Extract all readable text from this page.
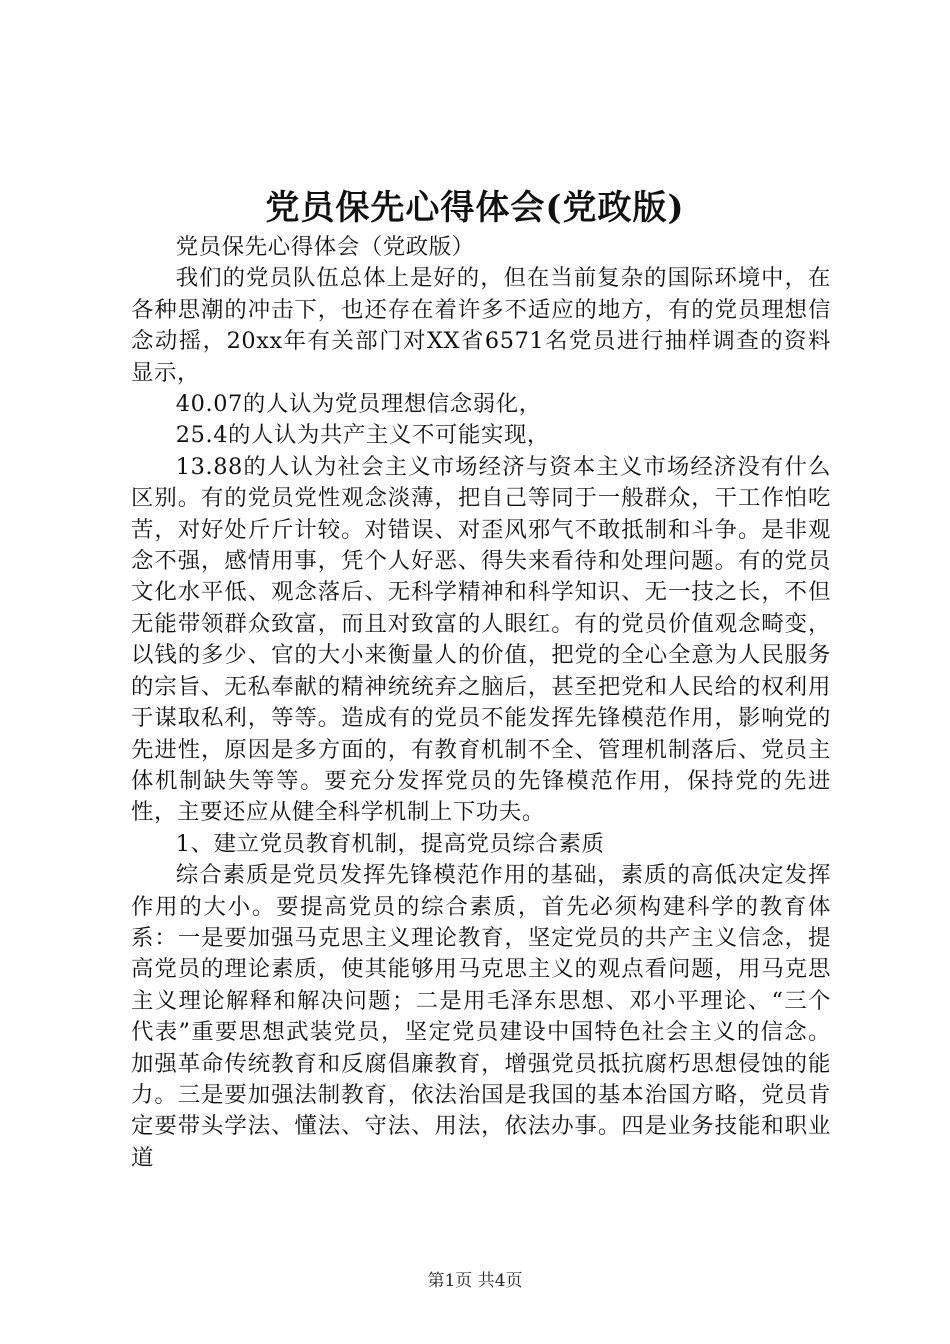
党员保先心得体会(党政版)

党员保先心得体会（党政版）

我们的党员队伍总体上是好的，但在当前复杂的国际环境中，在各种思潮的冲击下，也还存在着许多不适应的地方，有的党员理想信念动摇，20xx年有关部门对XX省6571名党员进行抽样调查的资料显示，

40.07的人认为党员理想信念弱化，

25.4的人认为共产主义不可能实现，

13.88的人认为社会主义市场经济与资本主义市场经济没有什么区别。有的党员党性观念淡薄，把自己等同于一般群众，干工作怕吃苦，对好处斤斤计较。对错误、对歪风邪气不敢抵制和斗争。是非观念不强，感情用事，凭个人好恶、得失来看待和处理问题。有的党员文化水平低、观念落后、无科学精神和科学知识、无一技之长，不但无能带领群众致富，而且对致富的人眼红。有的党员价值观念畸变，以钱的多少、官的大小来衡量人的价值，把党的全心全意为人民服务的宗旨、无私奉献的精神统统弃之脑后，甚至把党和人民给的权利用于谋取私利，等等。造成有的党员不能发挥先锋模范作用，影响党的先进性，原因是多方面的，有教育机制不全、管理机制落后、党员主体机制缺失等等。要充分发挥党员的先锋模范作用，保持党的先进性，主要还应从健全科学机制上下功夫。

1、建立党员教育机制，提高党员综合素质

综合素质是党员发挥先锋模范作用的基础，素质的高低决定发挥作用的大小。要提高党员的综合素质，首先必须构建科学的教育体系：一是要加强马克思主义理论教育，坚定党员的共产主义信念，提高党员的理论素质，使其能够用马克思主义的观点看问题，用马克思主义理论解释和解决问题；二是用毛泽东思想、邓小平理论、“三个代表”重要思想武装党员，坚定党员建设中国特色社会主义的信念。加强革命传统教育和反腐倡廉教育，增强党员抵抗腐朽思想侵蚀的能力。三是要加强法制教育，依法治国是我国的基本治国方略，党员肯定要带头学法、懂法、守法、用法，依法办事。四是业务技能和职业道

第1页 共4页
